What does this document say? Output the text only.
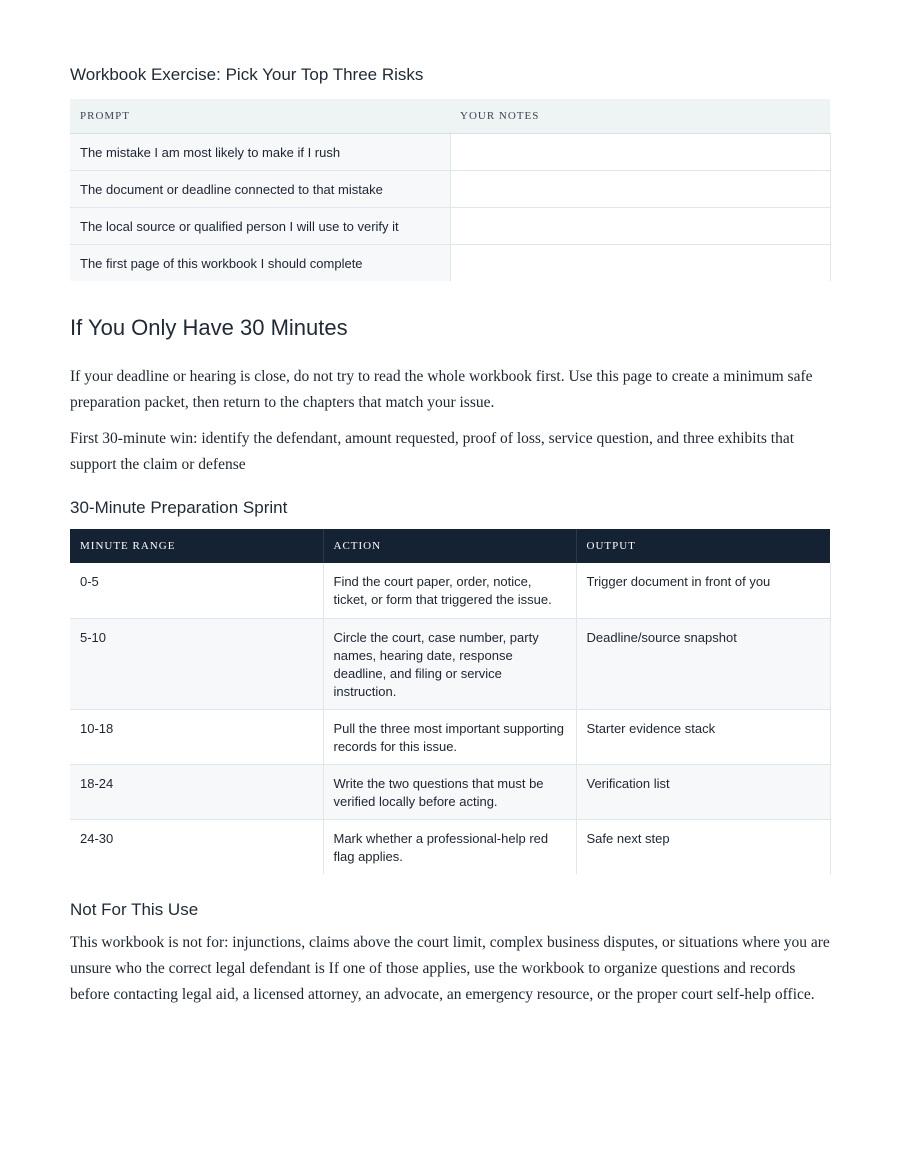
Workbook Exercise: Pick Your Top Three Risks
PROMPT	YOUR NOTES
The mistake I am most likely to make if I rush	
The document or deadline connected to that mistake	
The local source or qualified person I will use to verify it	
The first page of this workbook I should complete	
If You Only Have 30 Minutes

If your deadline or hearing is close, do not try to read the whole workbook first. Use this page to create a minimum safe preparation packet, then return to the chapters that match your issue.

First 30-minute win: identify the defendant, amount requested, proof of loss, service question, and three exhibits that support the claim or defense

30-Minute Preparation Sprint
MINUTE RANGE	ACTION	OUTPUT
0-5	Find the court paper, order, notice, ticket, or form that triggered the issue.	Trigger document in front of you
5-10	Circle the court, case number, party names, hearing date, response deadline, and filing or service instruction.	Deadline/source snapshot
10-18	Pull the three most important supporting records for this issue.	Starter evidence stack
18-24	Write the two questions that must be verified locally before acting.	Verification list
24-30	Mark whether a professional-help red flag applies.	Safe next step
Not For This Use

This workbook is not for: injunctions, claims above the court limit, complex business disputes, or situations where you are unsure who the correct legal defendant is If one of those applies, use the workbook to organize questions and records before contacting legal aid, a licensed attorney, an advocate, an emergency resource, or the proper court self-help office.
